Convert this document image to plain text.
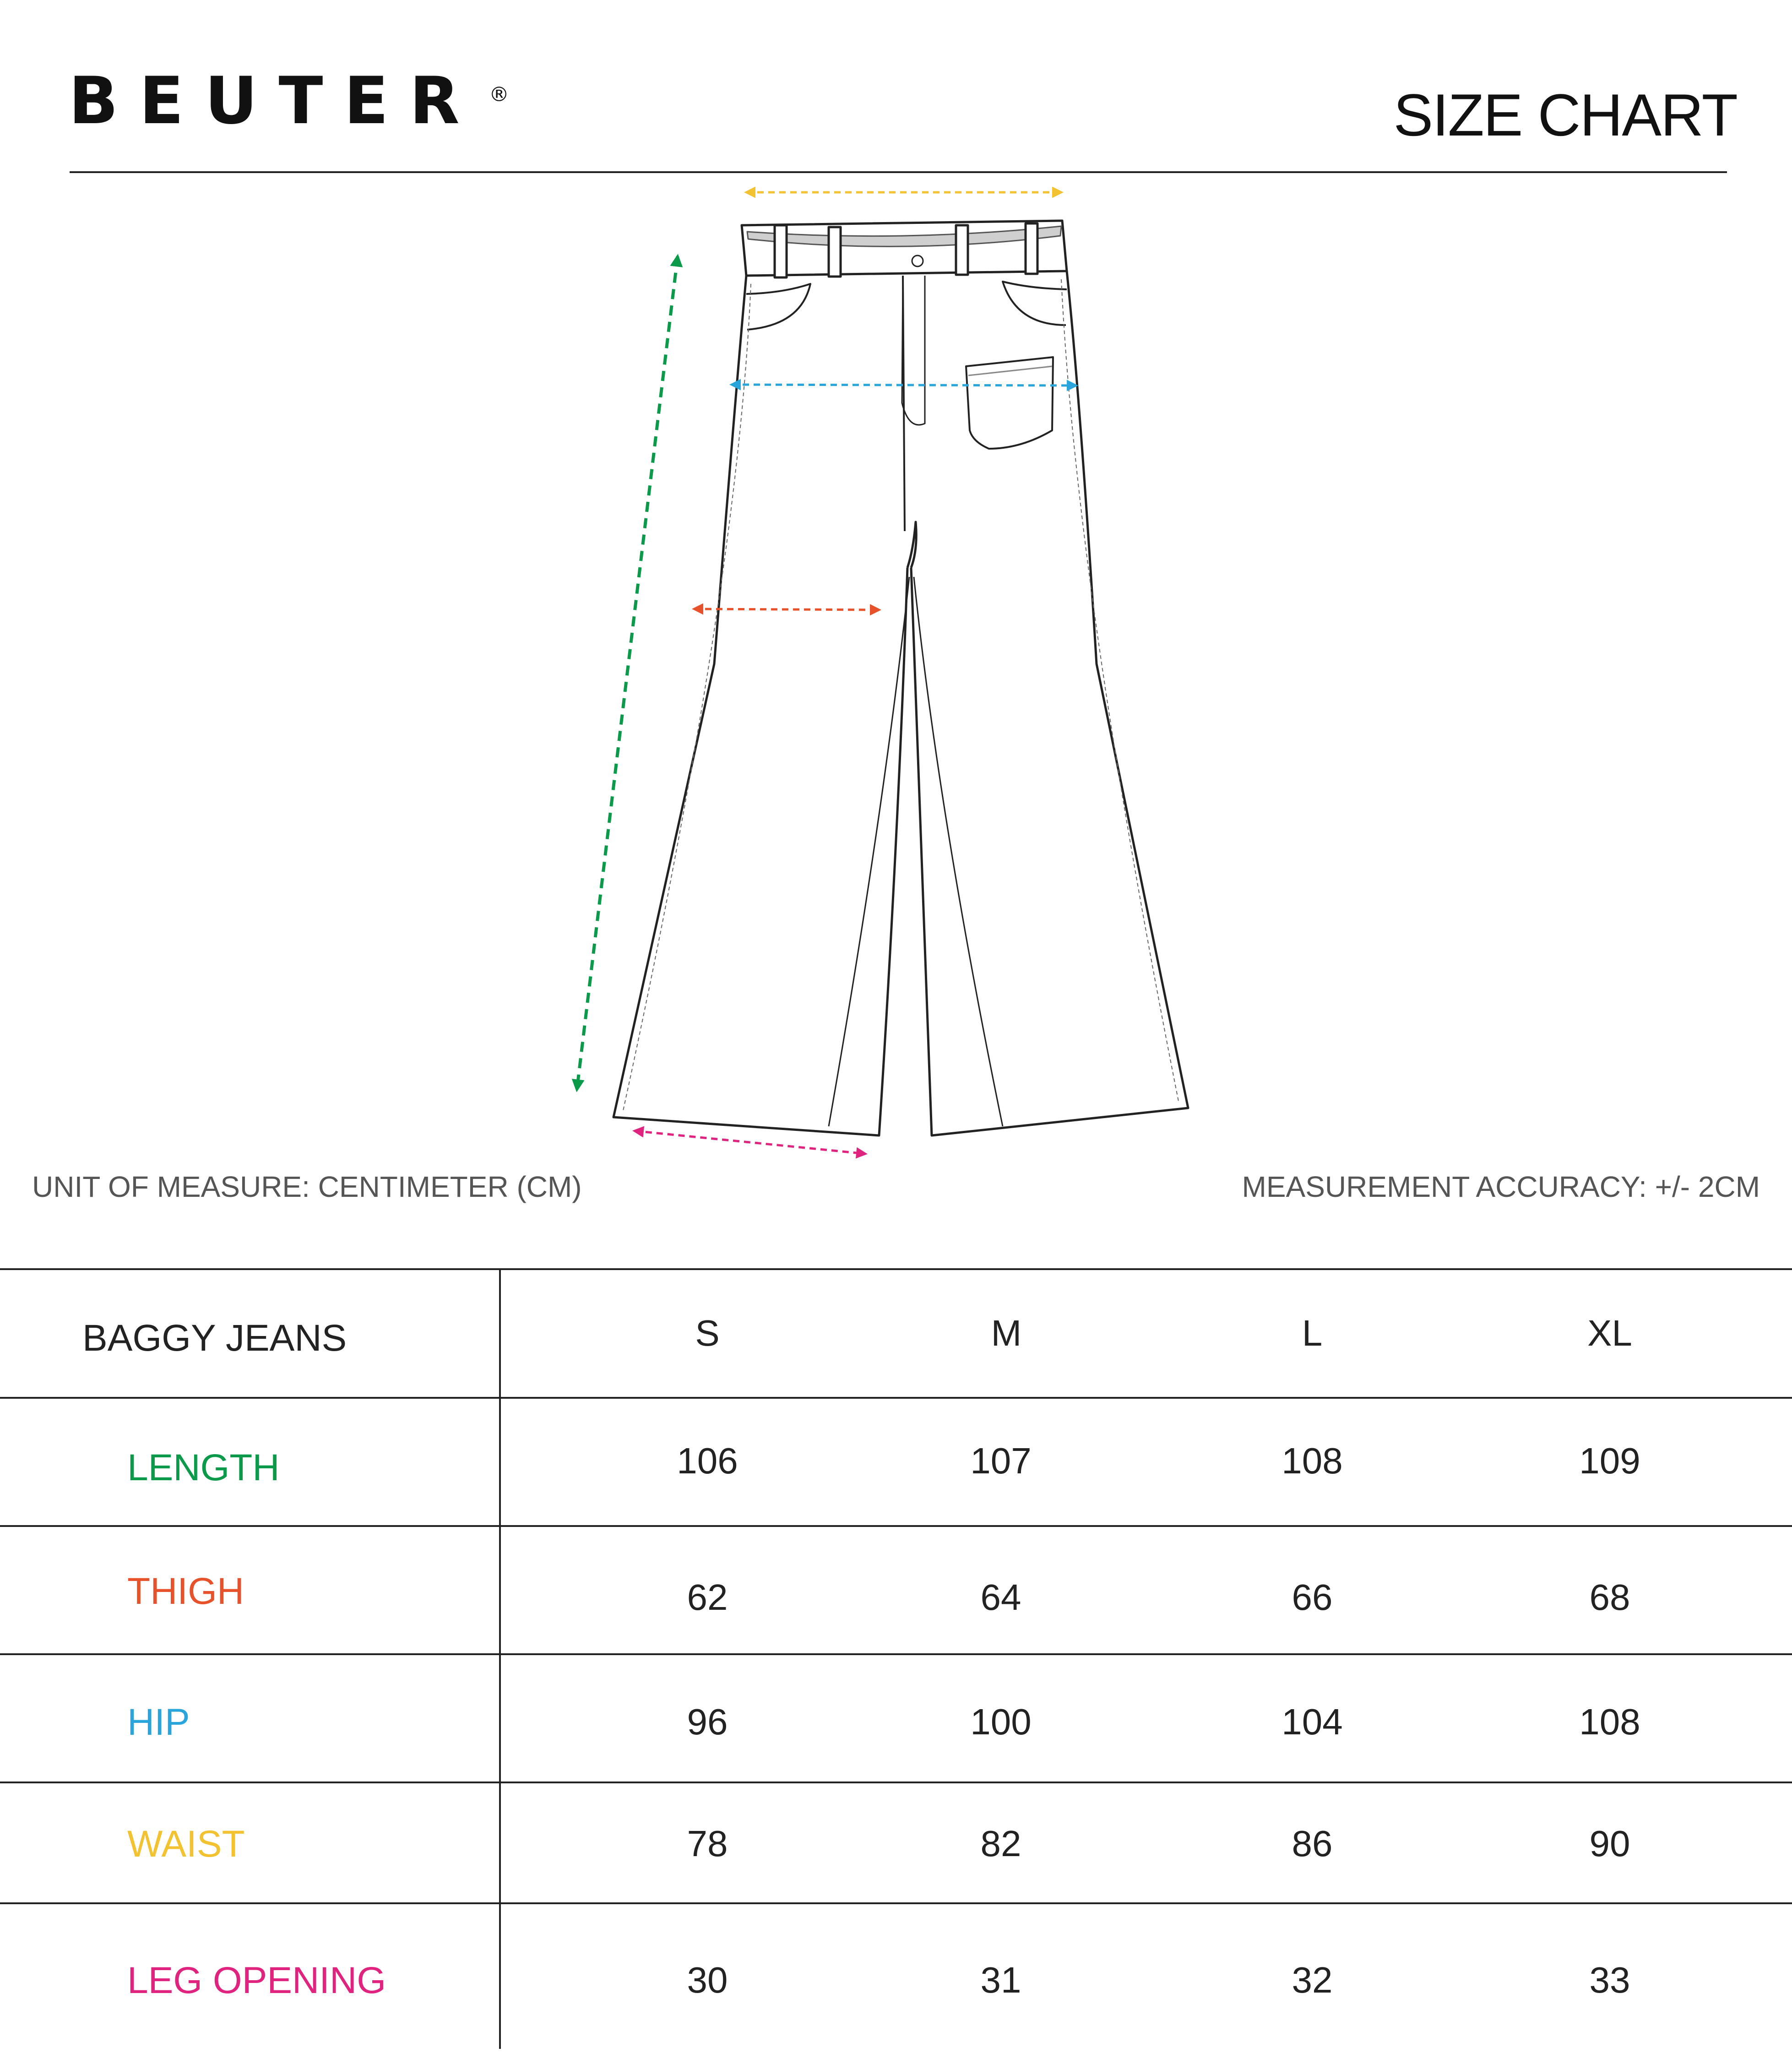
BEUTER ®	SIZE CHART
UNIT OF MEASURE: CENTIMETER (CM)	MEASUREMENT ACCURACY: +/- 2CM
BAGGY JEANS	S	M	L	XL
LENGTH	106	107	108	109
THIGH	62	64	66	68
HIP	96	100	104	108
WAIST	78	82	86	90
LEG OPENING	30	31	32	33
